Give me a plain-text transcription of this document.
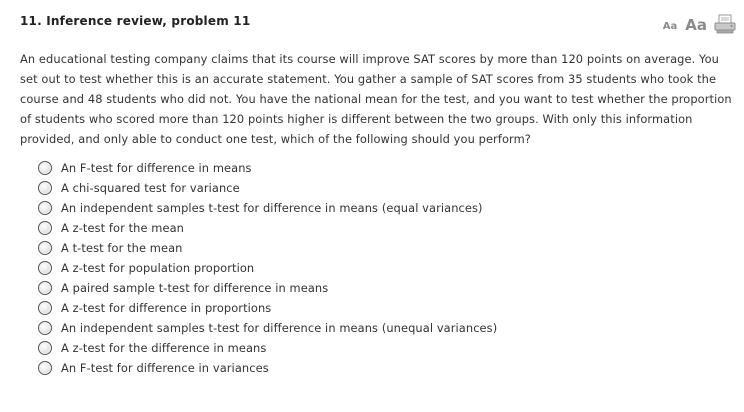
11. Inference review, problem 11	Aa Aa

An educational testing company claims that its course will improve SAT scores by more than 120 points on average. You set out to test whether this is an accurate statement. You gather a sample of SAT scores from 35 students who took the course and 48 students who did not. You have the national mean for the test, and you want to test whether the proportion of students who scored more than 120 points higher is different between the two groups. With only this information provided, and only able to conduct one test, which of the following should you perform?

An F-test for difference in means
A chi-squared test for variance
An independent samples t-test for difference in means (equal variances)
A z-test for the mean
A t-test for the mean
A z-test for population proportion
A paired sample t-test for difference in means
A z-test for difference in proportions
An independent samples t-test for difference in means (unequal variances)
A z-test for the difference in means
An F-test for difference in variances
